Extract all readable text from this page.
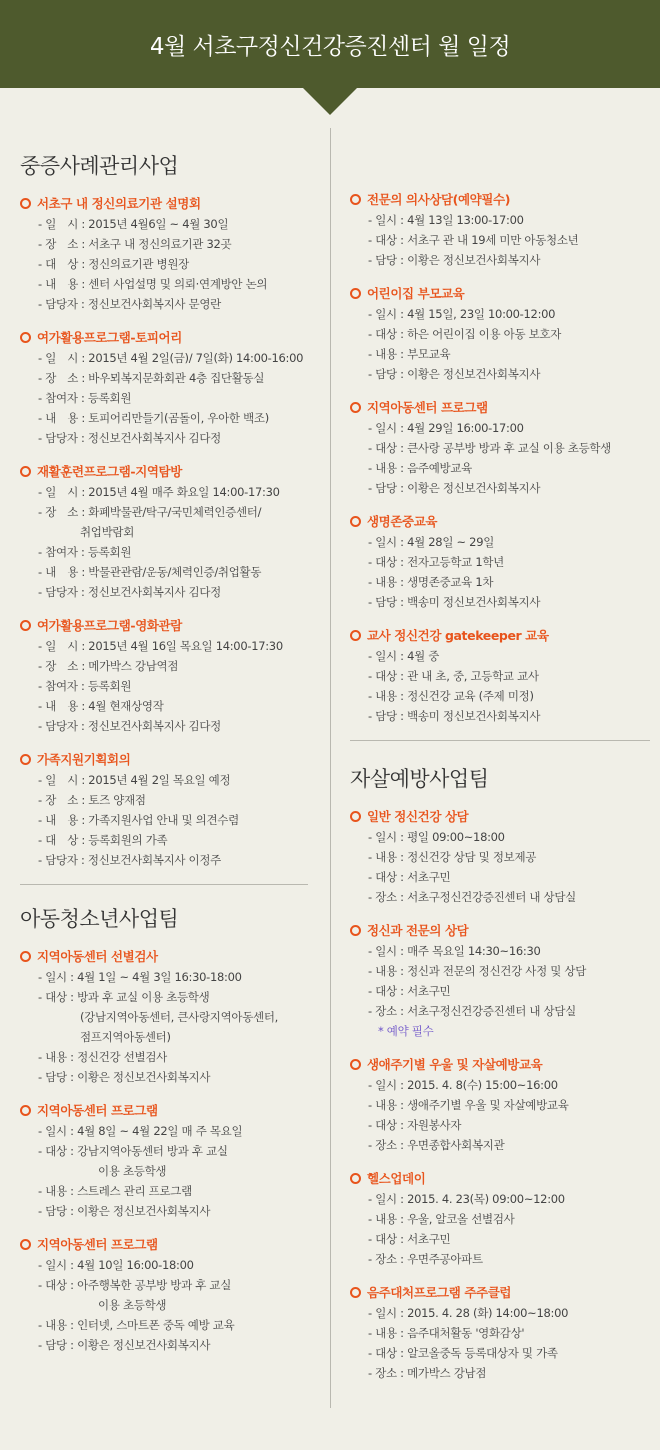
4월 서초구정신건강증진센터 월 일정
중증사례관리사업
서초구 내 정신의료기관 설명회
- 일　시 : 2015년 4월6일 ~ 4월 30일
- 장　소 : 서초구 내 정신의료기관 32곳
- 대　상 : 정신의료기관 병원장
- 내　용 : 센터 사업설명 및 의뢰·연계방안 논의
- 담당자 : 정신보건사회복지사 문영란
여가활용프로그램-토피어리
- 일　시 : 2015년 4월 2일(금)/ 7일(화) 14:00-16:00
- 장　소 : 바우뫼복지문화회관 4층 집단활동실
- 참여자 : 등록회원
- 내　용 : 토피어리만들기(곰돌이, 우아한 백조)
- 담당자 : 정신보건사회복지사 김다정
재활훈련프로그램-지역탐방
- 일　시 : 2015년 4월 매주 화요일 14:00-17:30
- 장　소 : 화폐박물관/탁구/국민체력인증센터/
취업박람회
- 참여자 : 등록회원
- 내　용 : 박물관관람/운동/체력인증/취업활동
- 담당자 : 정신보건사회복지사 김다정
여가활용프로그램-영화관람
- 일　시 : 2015년 4월 16일 목요일 14:00-17:30
- 장　소 : 메가박스 강남역점
- 참여자 : 등록회원
- 내　용 : 4월 현재상영작
- 담당자 : 정신보건사회복지사 김다정
가족지원기획회의
- 일　시 : 2015년 4월 2일 목요일 예정
- 장　소 : 토즈 양재점
- 내　용 : 가족지원사업 안내 및 의견수렴
- 대　상 : 등록회원의 가족
- 담당자 : 정신보건사회복지사 이정주
아동청소년사업팀
지역아동센터 선별검사
- 일시 : 4월 1일 ~ 4월 3일 16:30-18:00
- 대상 : 방과 후 교실 이용 초등학생
(강남지역아동센터, 큰사랑지역아동센터,
점프지역아동센터)
- 내용 : 정신건강 선별검사
- 담당 : 이황은 정신보건사회복지사
지역아동센터 프로그램
- 일시 : 4월 8일 ~ 4월 22일 매 주 목요일
- 대상 : 강남지역아동센터 방과 후 교실
이용 초등학생
- 내용 : 스트레스 관리 프로그램
- 담당 : 이황은 정신보건사회복지사
지역아동센터 프로그램
- 일시 : 4월 10일 16:00-18:00
- 대상 : 아주행복한 공부방 방과 후 교실
이용 초등학생
- 내용 : 인터넷, 스마트폰 중독 예방 교육
- 담당 : 이황은 정신보건사회복지사
전문의 의사상담(예약필수)
- 일시 : 4월 13일 13:00-17:00
- 대상 : 서초구 관 내 19세 미만 아동청소년
- 담당 : 이황은 정신보건사회복지사
어린이집 부모교육
- 일시 : 4월 15일, 23일 10:00-12:00
- 대상 : 하은 어린이집 이용 아동 보호자
- 내용 : 부모교육
- 담당 : 이황은 정신보건사회복지사
지역아동센터 프로그램
- 일시 : 4월 29일 16:00-17:00
- 대상 : 큰사랑 공부방 방과 후 교실 이용 초등학생
- 내용 : 음주예방교육
- 담당 : 이황은 정신보건사회복지사
생명존중교육
- 일시 : 4월 28일 ~ 29일
- 대상 : 전자고등학교 1학년
- 내용 : 생명존중교육 1차
- 담당 : 백송미 정신보건사회복지사
교사 정신건강 gatekeeper 교육
- 일시 : 4월 중
- 대상 : 관 내 초, 중, 고등학교 교사
- 내용 : 정신건강 교육 (주제 미정)
- 담당 : 백송미 정신보건사회복지사
자살예방사업팀
일반 정신건강 상담
- 일시 : 평일 09:00~18:00
- 내용 : 정신건강 상담 및 정보제공
- 대상 : 서초구민
- 장소 : 서초구정신건강증진센터 내 상담실
정신과 전문의 상담
- 일시 : 매주 목요일 14:30~16:30
- 내용 : 정신과 전문의 정신건강 사정 및 상담
- 대상 : 서초구민
- 장소 : 서초구정신건강증진센터 내 상담실
* 예약 필수
생애주기별 우울 및 자살예방교육
- 일시 : 2015. 4. 8(수) 15:00~16:00
- 내용 : 생애주기별 우울 및 자살예방교육
- 대상 : 자원봉사자
- 장소 : 우면종합사회복지관
헬스업데이
- 일시 : 2015. 4. 23(목) 09:00~12:00
- 내용 : 우울, 알코올 선별검사
- 대상 : 서초구민
- 장소 : 우면주공아파트
음주대처프로그램 주주클럽
- 일시 : 2015. 4. 28 (화) 14:00~18:00
- 내용 : 음주대처활동 '영화감상'
- 대상 : 알코올중독 등록대상자 및 가족
- 장소 : 메가박스 강남점
